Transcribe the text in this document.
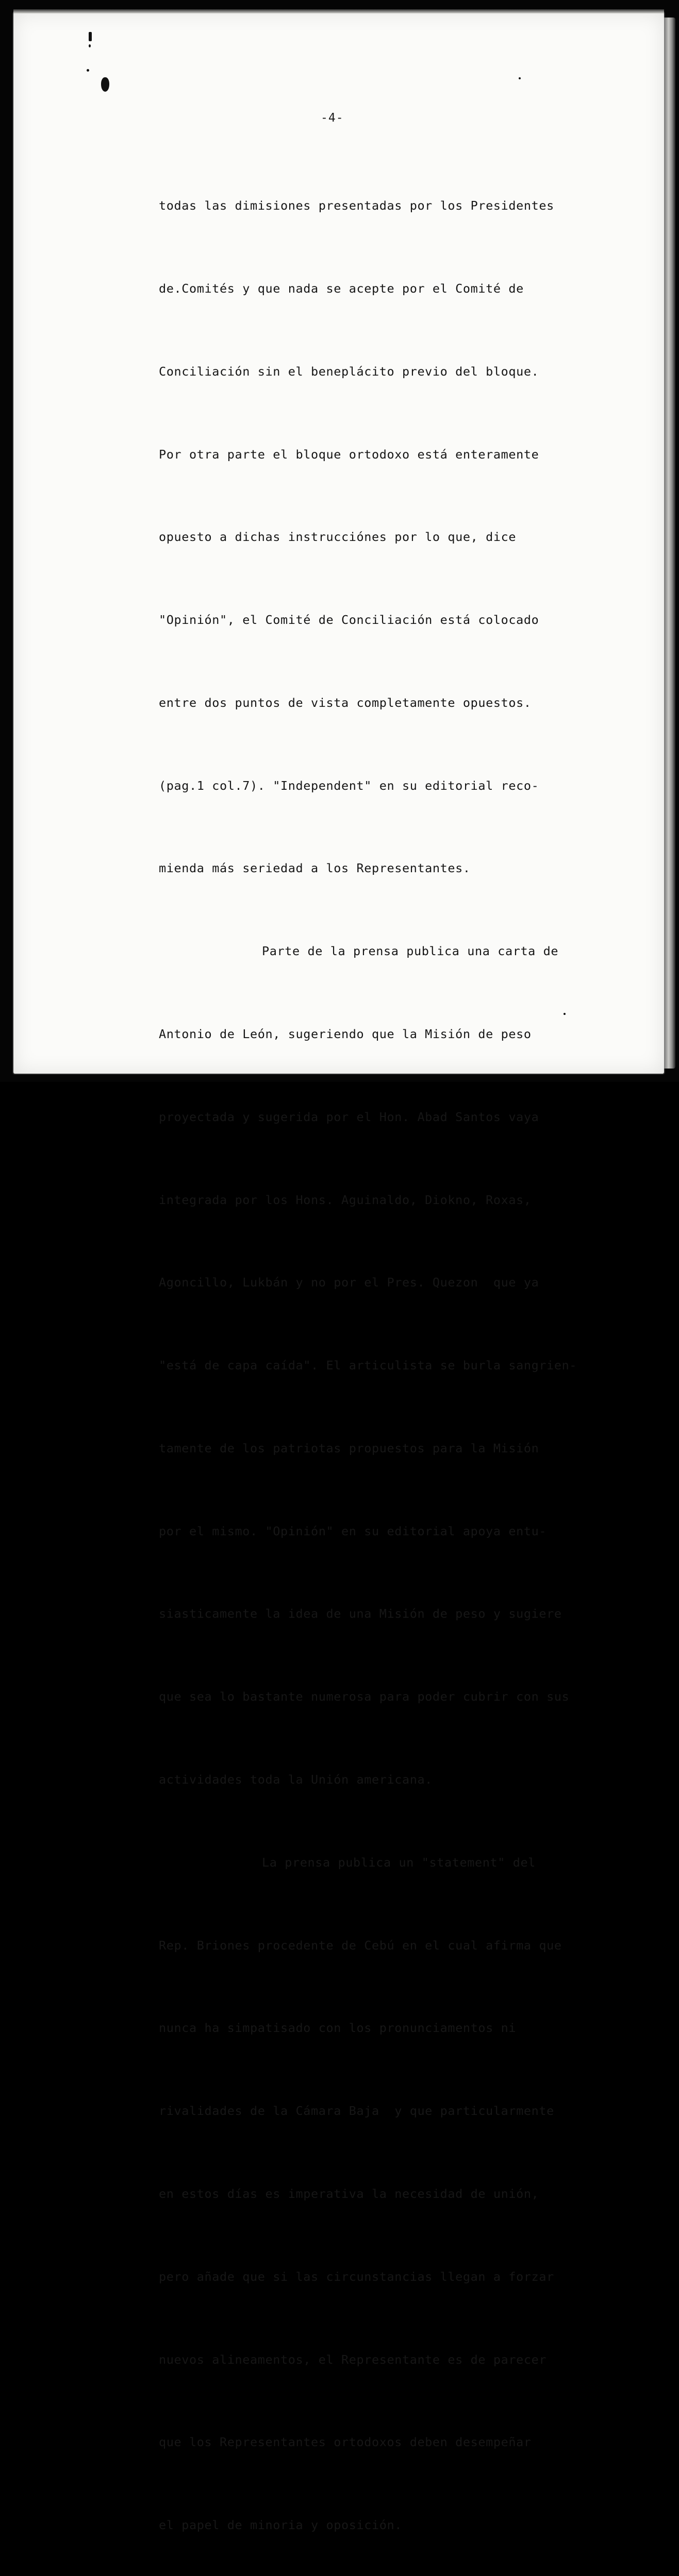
-4-

todas las dimisiones presentadas por los Presidentes

de.Comités y que nada se acepte por el Comité de

Conciliación sin el beneplácito previo del bloque.

Por otra parte el bloque ortodoxo está enteramente

opuesto a dichas instrucciónes por lo que, dice

"Opinión", el Comité de Conciliación está colocado

entre dos puntos de vista completamente opuestos.

(pag.1 col.7). "Independent" en su editorial reco-

mienda más seriedad a los Representantes.

Parte de la prensa publica una carta de

Antonio de León, sugeriendo que la Misión de peso

proyectada y sugerida por el Hon. Abad Santos vaya

integrada por los Hons. Aguinaldo, Diokno, Roxas,

Agoncillo, Lukbán y no por el Pres. Quezon  que ya

"está de capa caída". El articulista se burla sangrien-

tamente de los patriotas propuestos para la Misión

por el mismo. "Opinión" en su editorial apoya entu-

siasticamente la idea de una Misión de peso y sugiere

que sea lo bastante numerosa para poder cubrir con sus

actividades toda la Unión americana.

La prensa publica un "statement" del

Rep. Briones procedente de Cebú en el cual afirma que

nunca ha simpatisado con los pronunciamentos ni

rivalidades de la Cámara Baja  y que particularmente

en estos días es imperativa la necesidad de unión,

pero añade que si las circunstancias llegan a forzar

nuevos alineamentos, el Representante es de parecer

que los Representantes ortodoxos deben desempeñar

el papel de minoria y oposición.
